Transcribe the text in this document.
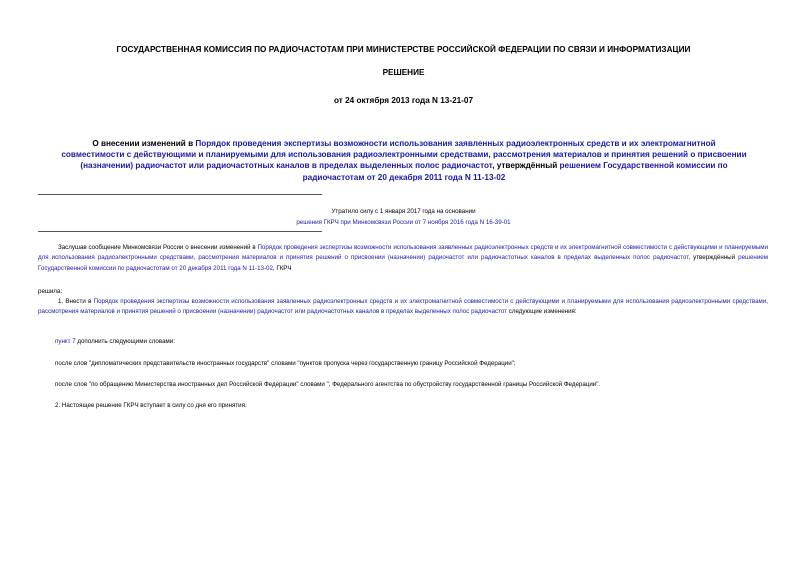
ГОСУДАРСТВЕННАЯ КОМИССИЯ ПО РАДИОЧАСТОТАМ ПРИ МИНИСТЕРСТВЕ РОССИЙСКОЙ ФЕДЕРАЦИИ ПО СВЯЗИ И ИНФОРМАТИЗАЦИИ
РЕШЕНИЕ
от 24 октября 2013 года N 13-21-07
О внесении изменений в Порядок проведения экспертизы возможности использования заявленных радиоэлектронных средств и их электромагнитной совместимости с действующими и планируемыми для использования радиоэлектронными средствами, рассмотрения материалов и принятия решений о присвоении (назначении) радиочастот или радиочастотных каналов в пределах выделенных полос радиочастот, утверждённый решением Государственной комиссии по радиочастотам от 20 декабря 2011 года N 11-13-02
Утратило силу с 1 января 2017 года на основании
решения ГКРЧ при Минкомсвязи России от 7 ноября 2016 года N 16-39-01
Заслушав сообщение Минкомсвязи России о внесении изменений в Порядок проведения экспертизы возможности использования заявленных радиоэлектронных средств и их электромагнитной совместимости с действующими и планируемыми для использования радиоэлектронными средствами, рассмотрения материалов и принятия решений о присвоении (назначении) радиочастот или радиочастотных каналов в пределах выделенных полос радиочастот, утверждённый решением Государственной комиссии по радиочастотам от 20 декабря 2011 года N 11-13-02, ГКРЧ
решила:
1. Внести в Порядок проведения экспертизы возможности использования заявленных радиоэлектронных средств и их электромагнитной совместимости с действующими и планируемыми для использования радиоэлектронными средствами, рассмотрения материалов и принятия решений о присвоении (назначении) радиочастот или радиочастотных каналов в пределах выделенных полос радиочастот следующие изменения:
пункт 7 дополнить следующими словами:
после слов "дипломатических представительств иностранных государств" словами "пунктов пропуска через государственную границу Российской Федерации";
после слов "по обращению Министерства иностранных дел Российской Федерации" словами ", Федерального агентства по обустройству государственной границы Российской Федерации".
2. Настоящее решение ГКРЧ вступает в силу со дня его принятия.
